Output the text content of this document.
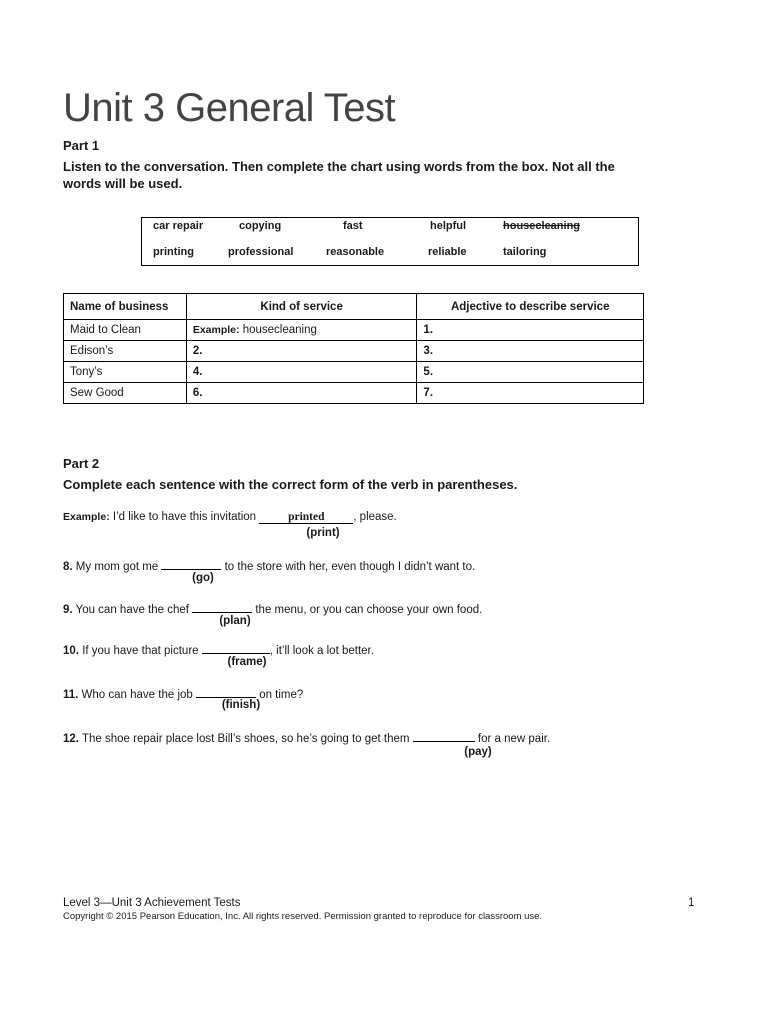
Unit 3 General Test
Part 1
Listen to the conversation. Then complete the chart using words from the box. Not all the
words will be used.
car repair	copying	fast	helpful	housecleaning
printing	professional	reasonable	reliable	tailoring
Name of business	Kind of service	Adjective to describe service
Maid to Clean	Example: housecleaning	1.
Edison’s	2.	3.
Tony’s	4.	5.
Sew Good	6.	7.
Part 2
Complete each sentence with the correct form of the verb in parentheses.
Example: I’d like to have this invitation	printed	, please.
(print)
8. My mom got me	to the store with her, even though I didn’t want to.
(go)
9. You can have the chef	the menu, or you can choose your own food.
(plan)
10. If you have that picture	, it’ll look a lot better.
(frame)
11. Who can have the job	on time?
(finish)
12. The shoe repair place lost Bill’s shoes, so he’s going to get them	for a new pair.
(pay)
Level 3—Unit 3 Achievement Tests	1
Copyright © 2015 Pearson Education, Inc. All rights reserved. Permission granted to reproduce for classroom use.
